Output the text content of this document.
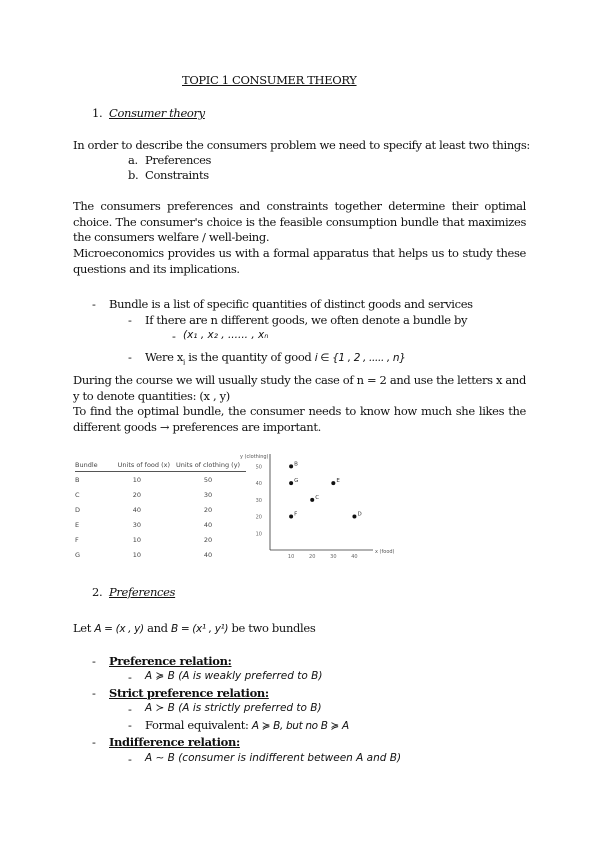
TOPIC 1 CONSUMER THEORY
1. Consumer theory
In order to describe the consumers problem we need to specify at least two things:
a. Preferences
b. Constraints
The consumers preferences and constraints together determine their optimal choice. The consumer's choice is the feasible consumption bundle that maximizes the consumers welfare / well-being.
Microeconomics provides us with a formal apparatus that helps us to study these questions and its implications.
- Bundle is a list of specific quantities of distinct goods and services
- If there are n different goods, we often denote a bundle by
- (x₁ , x₂ , ...... , xₙ
- Were $x_i$ is the quantity of good i ∈ {1 , 2 , ..... , n}
During the course we will usually study the case of n = 2 and use the letters x and y to denote quantities: (x , y)
To find the optimal bundle, the consumer needs to know how much she likes the different goods → preferences are important.
Bundle	Units of food (x)	Units of clothing (y)
B	10	50
C	20	30
D	40	20
E	30	40
F	10	20
G	10	40
y (clothing)
x (food)
50
40
30
20
10
10	20	30	40
B
C
D
E
F
G
2. Preferences
Let A = (x , y) and B = (x¹ , y¹) be two bundles
- Preference relation:
- A ≽ B (A is weakly preferred to B)
- Strict preference relation:
- A ≻ B (A is strictly preferred to B)
- Formal equivalent: A ≽ B, but no B ≽ A
- Indifference relation:
- A ∼ B (consumer is indifferent between A and B)
